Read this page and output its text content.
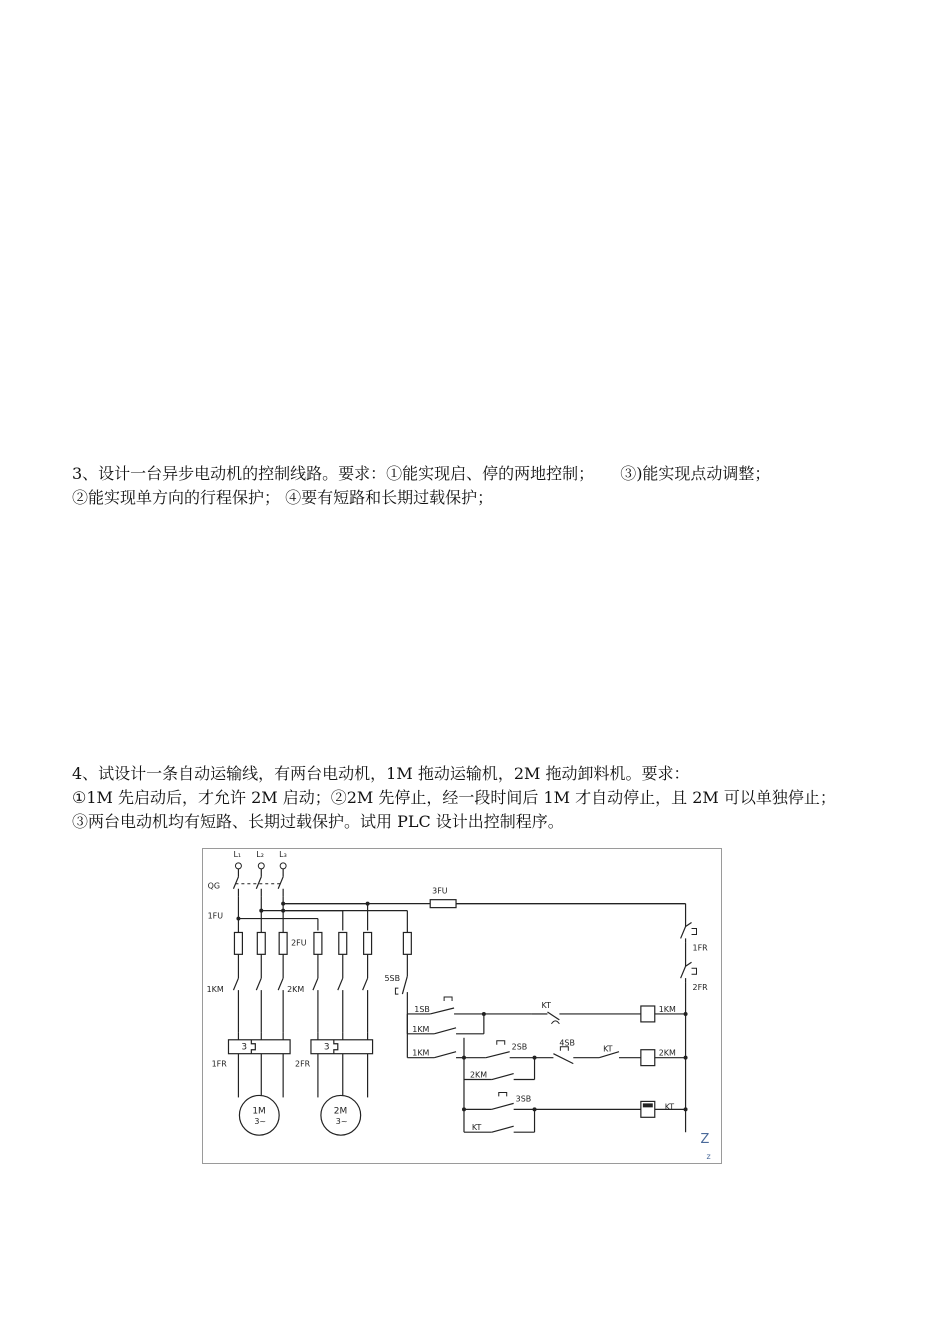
3、设计一台异步电动机的控制线路。要求：①能实现启、停的两地控制； ③)能实现点动调整；

②能实现单方向的行程保护； ④要有短路和长期过载保护；

4、试设计一条自动运输线，有两台电动机，1M 拖动运输机，2M 拖动卸料机。要求：

①1M 先启动后，才允许 2M 启动；②2M 先停止，经一段时间后 1M 才自动停止，且 2M 可以单独停止；

③两台电动机均有短路、长期过载保护。试用 PLC 设计出控制程序。

L₁ L₂ L₃
QG
1FU
2FU
3FU
1KM	2KM
3	3
1FR	2FR
1M
3~
2M
3~
5SB
1FR
2FR
1SB
1KM
KT	1KM
1KM
2SB
2KM
4SB
KT	2KM
3SB
KT
KT
Z
z
